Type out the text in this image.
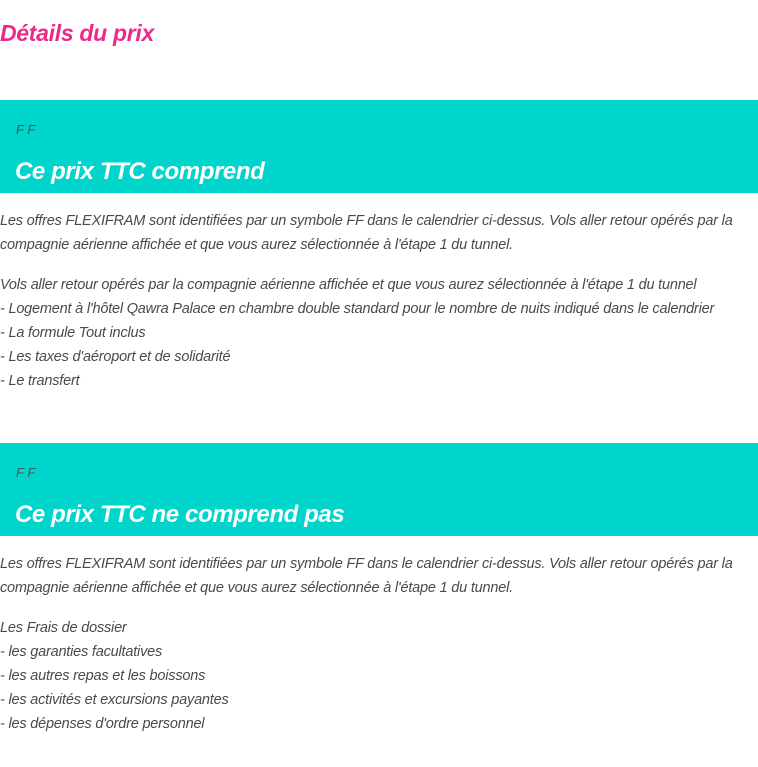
Détails du prix
F F
Ce prix TTC comprend

Les offres FLEXIFRAM sont identifiées par un symbole FF dans le calendrier ci-dessus. Vols aller retour opérés par la compagnie aérienne affichée et que vous aurez sélectionnée à l'étape 1 du tunnel.

Vols aller retour opérés par la compagnie aérienne affichée et que vous aurez sélectionnée à l'étape 1 du tunnel
- Logement à l'hôtel Qawra Palace en chambre double standard pour le nombre de nuits indiqué dans le calendrier
- La formule Tout inclus
- Les taxes d'aéroport et de solidarité
- Le transfert
F F
Ce prix TTC ne comprend pas

Les offres FLEXIFRAM sont identifiées par un symbole FF dans le calendrier ci-dessus. Vols aller retour opérés par la compagnie aérienne affichée et que vous aurez sélectionnée à l'étape 1 du tunnel.

Les Frais de dossier
- les garanties facultatives
- les autres repas et les boissons
- les activités et excursions payantes
- les dépenses d'ordre personnel
